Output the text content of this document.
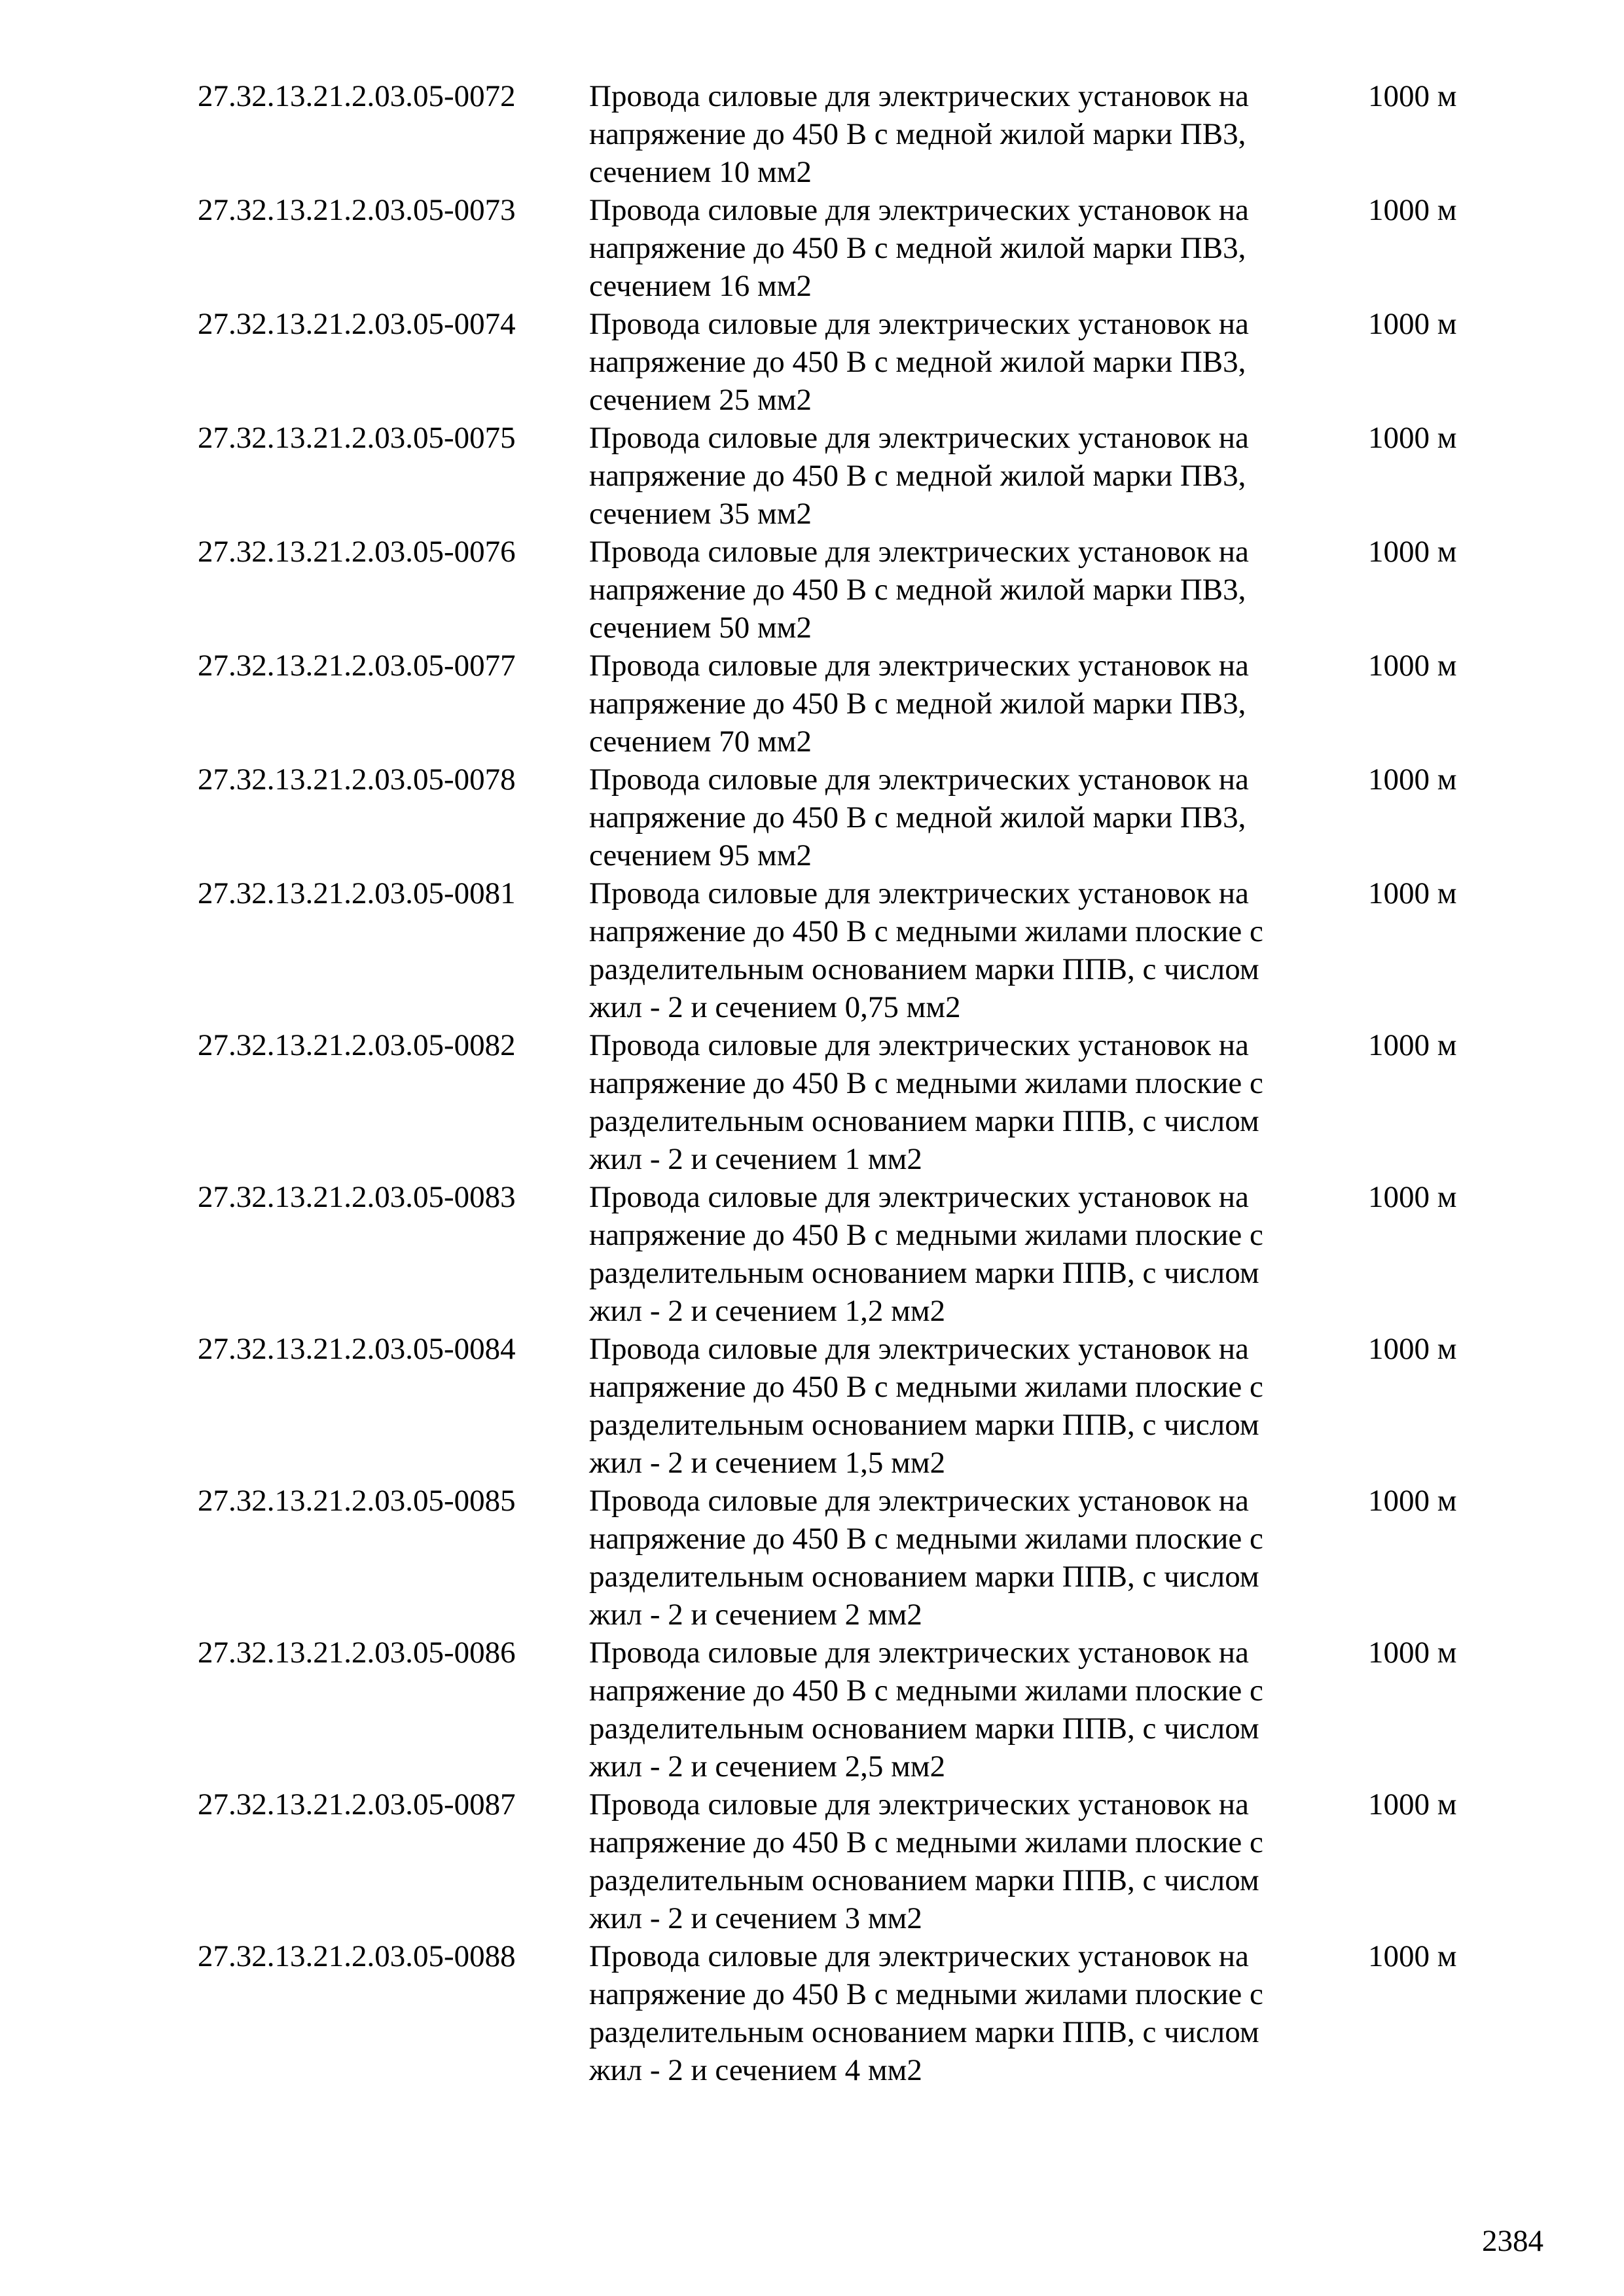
27.32.13.21.2.03.05-0072	Провода силовые для электрических установок на
напряжение до 450 В с медной жилой марки ПВ3,
сечением 10 мм2
1000 м
27.32.13.21.2.03.05-0073	Провода силовые для электрических установок на
напряжение до 450 В с медной жилой марки ПВ3,
сечением 16 мм2
1000 м
27.32.13.21.2.03.05-0074	Провода силовые для электрических установок на
напряжение до 450 В с медной жилой марки ПВ3,
сечением 25 мм2
1000 м
27.32.13.21.2.03.05-0075	Провода силовые для электрических установок на
напряжение до 450 В с медной жилой марки ПВ3,
сечением 35 мм2
1000 м
27.32.13.21.2.03.05-0076	Провода силовые для электрических установок на
напряжение до 450 В с медной жилой марки ПВ3,
сечением 50 мм2
1000 м
27.32.13.21.2.03.05-0077	Провода силовые для электрических установок на
напряжение до 450 В с медной жилой марки ПВ3,
сечением 70 мм2
1000 м
27.32.13.21.2.03.05-0078	Провода силовые для электрических установок на
напряжение до 450 В с медной жилой марки ПВ3,
сечением 95 мм2
1000 м
27.32.13.21.2.03.05-0081	Провода силовые для электрических установок на
напряжение до 450 В с медными жилами плоские с
разделительным основанием марки ППВ, с числом
жил - 2 и сечением 0,75 мм2
1000 м
27.32.13.21.2.03.05-0082	Провода силовые для электрических установок на
напряжение до 450 В с медными жилами плоские с
разделительным основанием марки ППВ, с числом
жил - 2 и сечением 1 мм2
1000 м
27.32.13.21.2.03.05-0083	Провода силовые для электрических установок на
напряжение до 450 В с медными жилами плоские с
разделительным основанием марки ППВ, с числом
жил - 2 и сечением 1,2 мм2
1000 м
27.32.13.21.2.03.05-0084	Провода силовые для электрических установок на
напряжение до 450 В с медными жилами плоские с
разделительным основанием марки ППВ, с числом
жил - 2 и сечением 1,5 мм2
1000 м
27.32.13.21.2.03.05-0085	Провода силовые для электрических установок на
напряжение до 450 В с медными жилами плоские с
разделительным основанием марки ППВ, с числом
жил - 2 и сечением 2 мм2
1000 м
27.32.13.21.2.03.05-0086	Провода силовые для электрических установок на
напряжение до 450 В с медными жилами плоские с
разделительным основанием марки ППВ, с числом
жил - 2 и сечением 2,5 мм2
1000 м
27.32.13.21.2.03.05-0087	Провода силовые для электрических установок на
напряжение до 450 В с медными жилами плоские с
разделительным основанием марки ППВ, с числом
жил - 2 и сечением 3 мм2
1000 м
27.32.13.21.2.03.05-0088	Провода силовые для электрических установок на
напряжение до 450 В с медными жилами плоские с
разделительным основанием марки ППВ, с числом
жил - 2 и сечением 4 мм2
1000 м
2384
